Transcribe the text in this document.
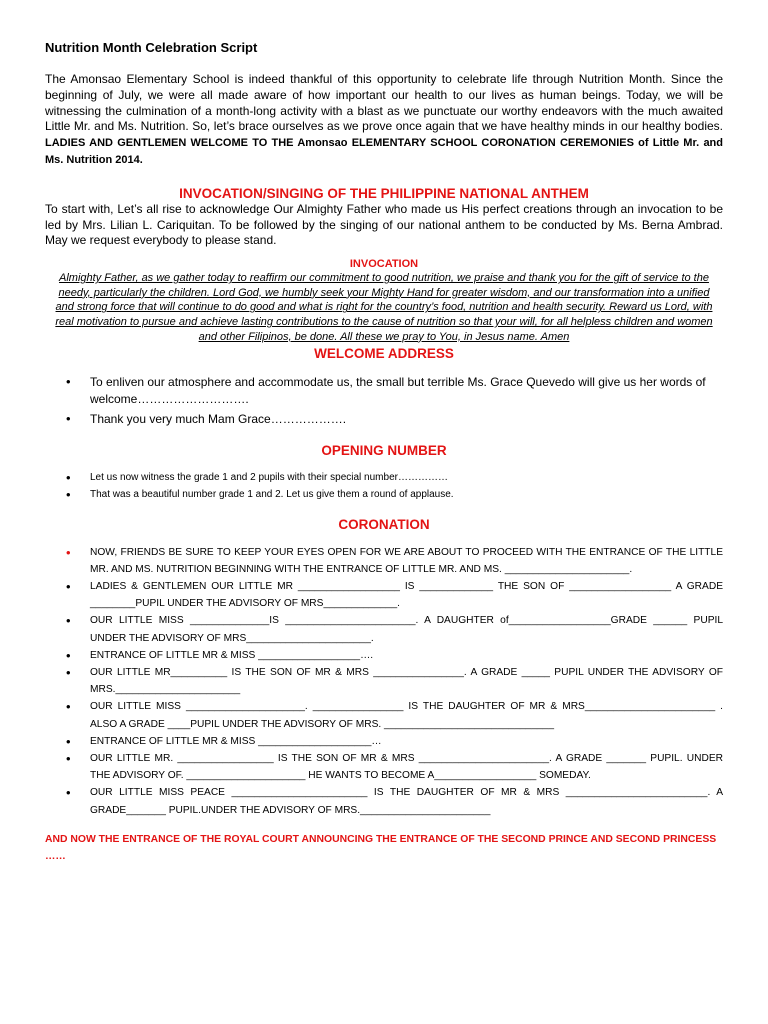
Nutrition Month Celebration Script

The Amonsao Elementary School is indeed thankful of this opportunity to celebrate life through Nutrition Month. Since the beginning of July, we were all made aware of how important our health to our lives as human beings. Today, we will be witnessing the culmination of a month-long activity with a blast as we punctuate our worthy endeavors with the much awaited Little Mr. and Ms. Nutrition. So, let’s brace ourselves as we prove once again that we have healthy minds in our healthy bodies. LADIES AND GENTLEMEN WELCOME TO THE Amonsao ELEMENTARY SCHOOL CORONATION CEREMONIES of Little Mr. and Ms. Nutrition 2014.

INVOCATION/SINGING OF THE PHILIPPINE NATIONAL ANTHEM

To start with, Let’s all rise to acknowledge Our Almighty Father who made us His perfect creations through an invocation to be led by Mrs. Lilian L. Cariquitan. To be followed by the singing of our national anthem to be conducted by Ms. Berna Ambrad. May we request everybody to please stand.

INVOCATION

Almighty Father, as we gather today to reaffirm our commitment to good nutrition, we praise and thank you for the gift of service to the needy, particularly the children. Lord God, we humbly seek your Mighty Hand for greater wisdom, and our transformation into a unified and strong force that will continue to do good and what is right for the country’s food, nutrition and health security. Reward us Lord, with real motivation to pursue and achieve lasting contributions to the cause of nutrition so that your will, for all helpless children and women and other Filipinos, be done. All these we pray to You, in Jesus name. Amen

WELCOME ADDRESS
• To enliven our atmosphere and accommodate us, the small but terrible Ms. Grace Quevedo will give us her words of welcome……………………….
• Thank you very much Mam Grace……………….
OPENING NUMBER
• Let us now witness the grade 1 and 2 pupils with their special number……………
• That was a beautiful number grade 1 and 2. Let us give them a round of applause.
CORONATION
• NOW, FRIENDS BE SURE TO KEEP YOUR EYES OPEN FOR WE ARE ABOUT TO PROCEED WITH THE ENTRANCE OF THE LITTLE MR. AND MS. NUTRITION BEGINNING WITH THE ENTRANCE OF LITTLE MR. AND MS. ______________________.
• LADIES & GENTLEMEN OUR LITTLE MR __________________ IS _____________ THE SON OF __________________ A GRADE ________PUPIL UNDER THE ADVISORY OF MRS_____________.
• OUR LITTLE MISS ______________IS _______________________. A DAUGHTER of__________________GRADE ______ PUPIL UNDER THE ADVISORY OF MRS______________________.
• ENTRANCE OF LITTLE MR & MISS __________________….
• OUR LITTLE MR__________ IS THE SON OF MR & MRS ________________. A GRADE _____ PUPIL UNDER THE ADVISORY OF MRS.______________________
• OUR LITTLE MISS _____________________. ________________ IS THE DAUGHTER OF MR & MRS_______________________ . ALSO A GRADE ____PUPIL UNDER THE ADVISORY OF MRS. ______________________________
• ENTRANCE OF LITTLE MR & MISS ____________________…
• OUR LITTLE MR. _________________ IS THE SON OF MR & MRS _______________________. A GRADE _______ PUPIL. UNDER THE ADVISORY OF. _____________________ HE WANTS TO BECOME A__________________ SOMEDAY.
• OUR LITTLE MISS PEACE ________________________ IS THE DAUGHTER OF MR & MRS _________________________. A GRADE_______ PUPIL.UNDER THE ADVISORY OF MRS._______________________

AND NOW THE ENTRANCE OF THE ROYAL COURT ANNOUNCING THE ENTRANCE OF THE SECOND PRINCE AND SECOND PRINCESS ……
